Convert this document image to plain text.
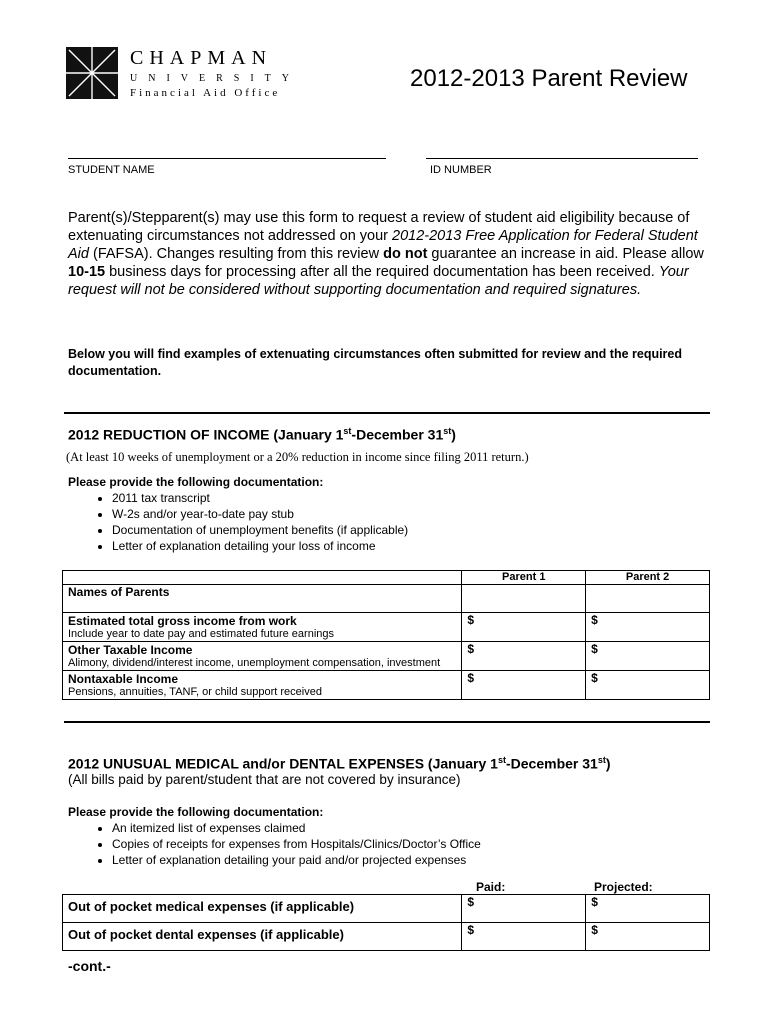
CHAPMAN
UNIVERSITY
Financial Aid Office
2012-2013 Parent Review
STUDENT NAME	ID NUMBER
Parent(s)/Stepparent(s) may use this form to request a review of student aid eligibility because of extenuating circumstances not addressed on your 2012-2013 Free Application for Federal Student Aid (FAFSA). Changes resulting from this review do not guarantee an increase in aid. Please allow 10-15 business days for processing after all the required documentation has been received. Your request will not be considered without supporting documentation and required signatures.
Below you will find examples of extenuating circumstances often submitted for review and the required documentation.
2012 REDUCTION OF INCOME (January 1st-December 31st)
(At least 10 weeks of unemployment or a 20% reduction in income since filing 2011 return.)
Please provide the following documentation:
• 2011 tax transcript
• W-2s and/or year-to-date pay stub
• Documentation of unemployment benefits (if applicable)
• Letter of explanation detailing your loss of income
	Parent 1	Parent 2
Names of Parents		

Estimated total gross income from work
Include year to date pay and estimated future earnings	$	$

Other Taxable Income
Alimony, dividend/interest income, unemployment compensation, investment	$	$

Nontaxable Income
Pensions, annuities, TANF, or child support received	$	$
2012 UNUSUAL MEDICAL and/or DENTAL EXPENSES (January 1st-December 31st)
(All bills paid by parent/student that are not covered by insurance)
Please provide the following documentation:
• An itemized list of expenses claimed
• Copies of receipts for expenses from Hospitals/Clinics/Doctor’s Office
• Letter of explanation detailing your paid and/or projected expenses
Paid:	Projected:
Out of pocket medical expenses (if applicable)	$	$
Out of pocket dental expenses (if applicable)	$	$
-cont.-
